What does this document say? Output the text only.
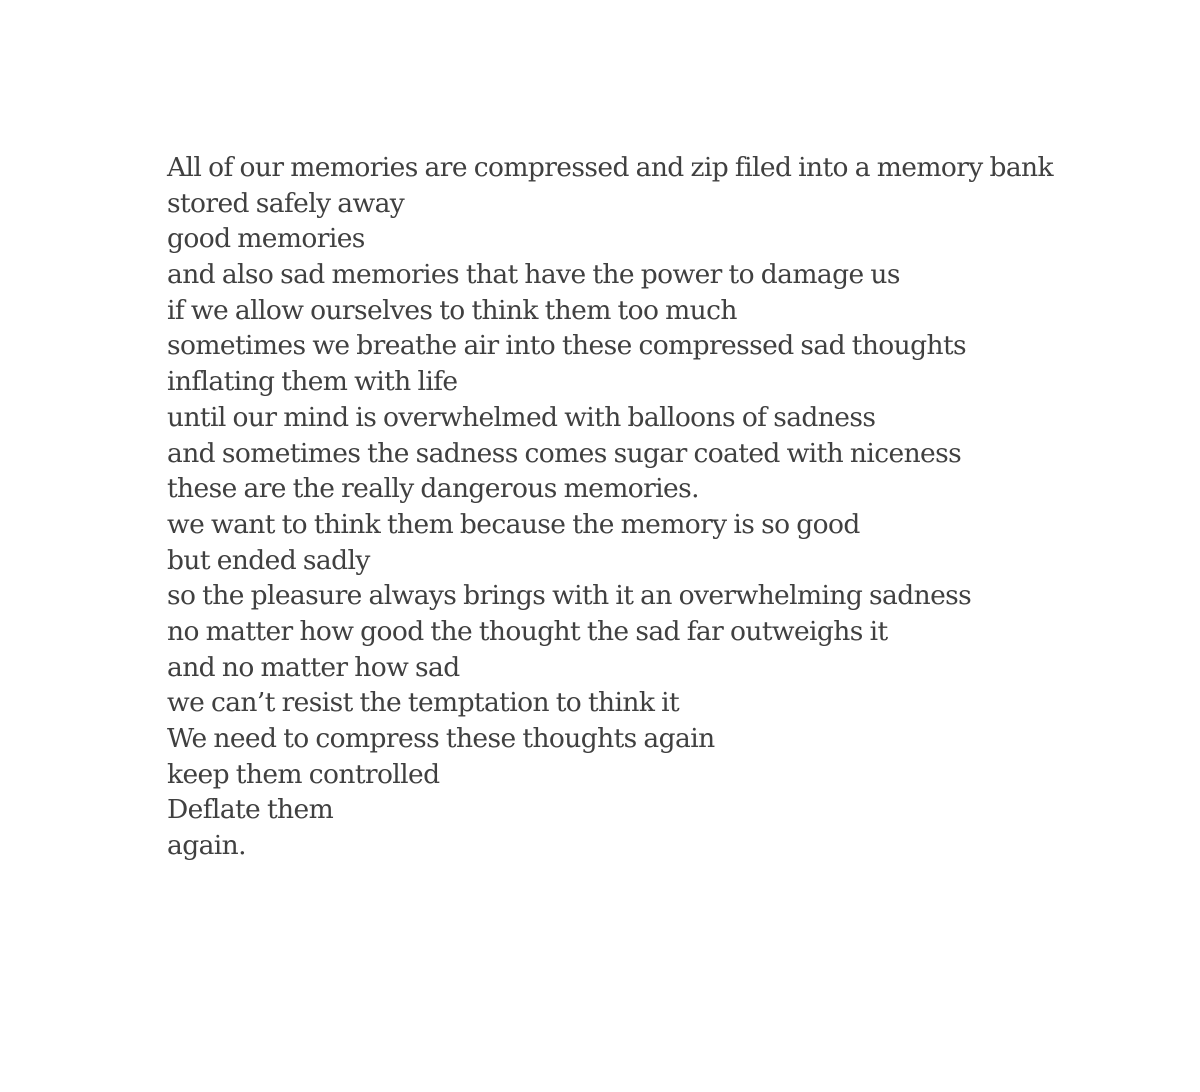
All of our memories are compressed and zip filed into a memory bank
stored safely away
good memories
and also sad memories that have the power to damage us
if we allow ourselves to think them too much
sometimes we breathe air into these compressed sad thoughts
inflating them with life
until our mind is overwhelmed with balloons of sadness
and sometimes the sadness comes sugar coated with niceness
these are the really dangerous memories.
we want to think them because the memory is so good
but ended sadly
so the pleasure always brings with it an overwhelming sadness
no matter how good the thought the sad far outweighs it
and no matter how sad
we can’t resist the temptation to think it
We need to compress these thoughts again
keep them controlled
Deflate them
again.
